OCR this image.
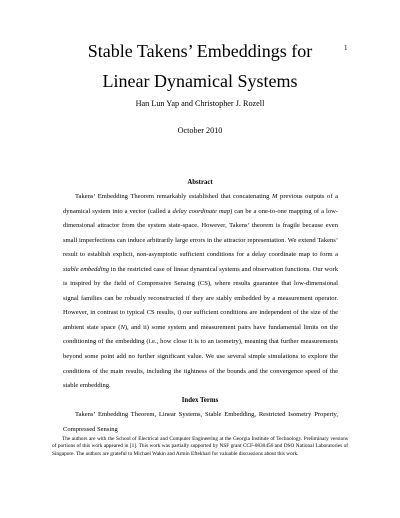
1
Stable Takens’ Embeddings for
Linear Dynamical Systems
Han Lun Yap and Christopher J. Rozell
October 2010
Abstract

Takens’ Embedding Theorem remarkably established that concatenating M previous outputs of a dynamical system into a vector (called a delay coordinate map) can be a one-to-one mapping of a low-dimensional attractor from the system state-space. However, Takens’ theorem is fragile because even small imperfections can induce arbitrarily large errors in the attractor representation. We extend Takens’ result to establish explicit, non-asymptotic sufficient conditions for a delay coordinate map to form a stable embedding in the restricted case of linear dynamical systems and observation functions. Our work is inspired by the field of Compressive Sensing (CS), where results guarantee that low-dimensional signal families can be robustly reconstructed if they are stably embedded by a measurement operator. However, in contrast to typical CS results, i) our sufficient conditions are independent of the size of the ambient state space (N), and ii) some system and measurement pairs have fundamental limits on the conditioning of the embedding (i.e., how close it is to an isometry), meaning that further measurements beyond some point add no further significant value. We use several simple simulations to explore the conditions of the main results, including the tightness of the bounds and the convergence speed of the stable embedding.

Index Terms

Takens’ Embedding Theorem, Linear Systems, Stable Embedding, Restricted Isometry Property, Compressed Sensing

The authors are with the School of Electrical and Computer Engineering at the Georgia Institute of Technology. Preliminary versions of portions of this work appeared in [1]. This work was partially supported by NSF grant CCF-0830456 and DSO National Laboratories of Singapore. The authors are grateful to Michael Wakin and Armin Eftekhari for valuable discussions about this work.
